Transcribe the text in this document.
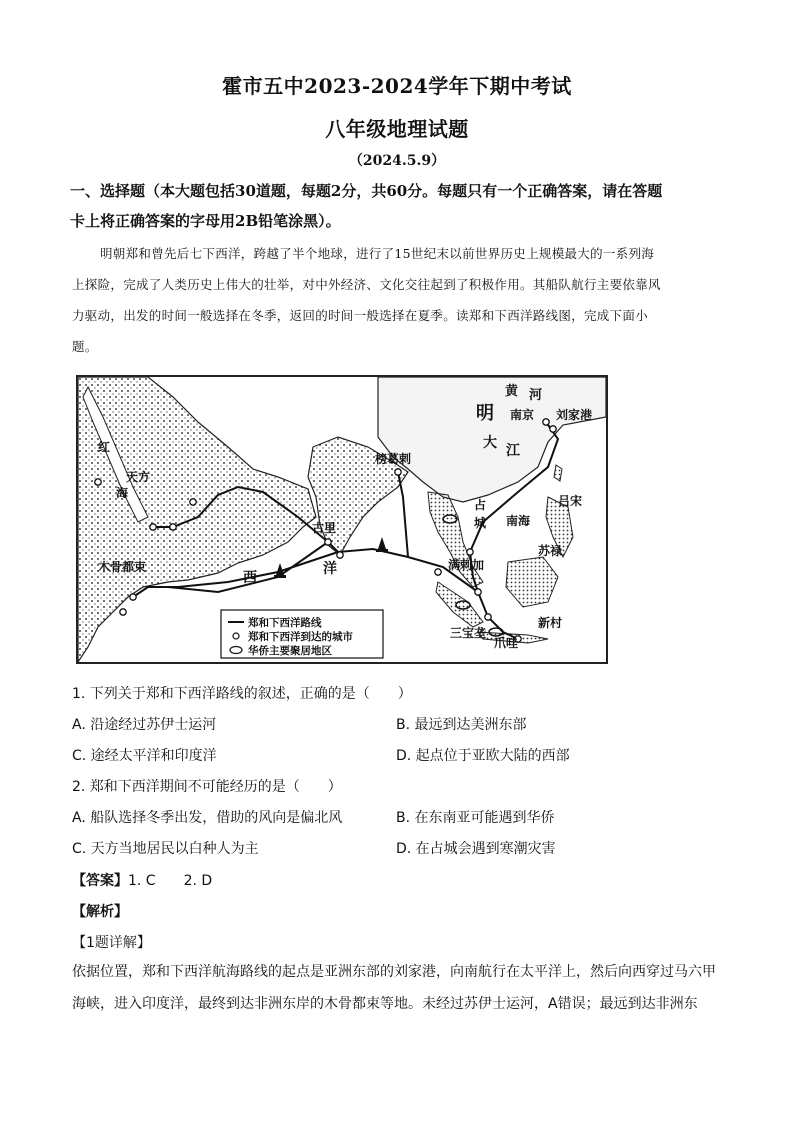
霍市五中2023-2024学年下期中考试
八年级地理试题
（2024.5.9）
一、选择题（本大题包括30道题，每题2分，共60分。每题只有一个正确答案，请在答题
卡上将正确答案的字母用2B铅笔涂黑）。
明朝郑和曾先后七下西洋，跨越了半个地球，进行了15世纪末以前世界历史上规模最大的一系列海
上探险，完成了人类历史上伟大的壮举，对中外经济、文化交往起到了积极作用。其船队航行主要依靠风
力驱动，出发的时间一般选择在冬季，返回的时间一般选择在夏季。读郑和下西洋路线图，完成下面小
题。
天方
木骨都束
古里
榜葛剌
明
黄 河
南京 刘家港
大 江
吕宋
占
城 南海
苏禄
满剌加
新村
三宝垄
爪哇
西
洋
红
海
郑和下西洋路线
郑和下西洋到达的城市
华侨主要聚居地区
1. 下列关于郑和下西洋路线的叙述，正确的是（　　）
A. 沿途经过苏伊士运河	B. 最远到达美洲东部
C. 途经太平洋和印度洋	D. 起点位于亚欧大陆的西部
2. 郑和下西洋期间不可能经历的是（　　）
A. 船队选择冬季出发，借助的风向是偏北风	B. 在东南亚可能遇到华侨
C. 天方当地居民以白种人为主	D. 在占城会遇到寒潮灾害
【答案】1. C　　2. D
【解析】
【1题详解】
依据位置，郑和下西洋航海路线的起点是亚洲东部的刘家港，向南航行在太平洋上，然后向西穿过马六甲
海峡，进入印度洋，最终到达非洲东岸的木骨都束等地。未经过苏伊士运河，A错误；最远到达非洲东
